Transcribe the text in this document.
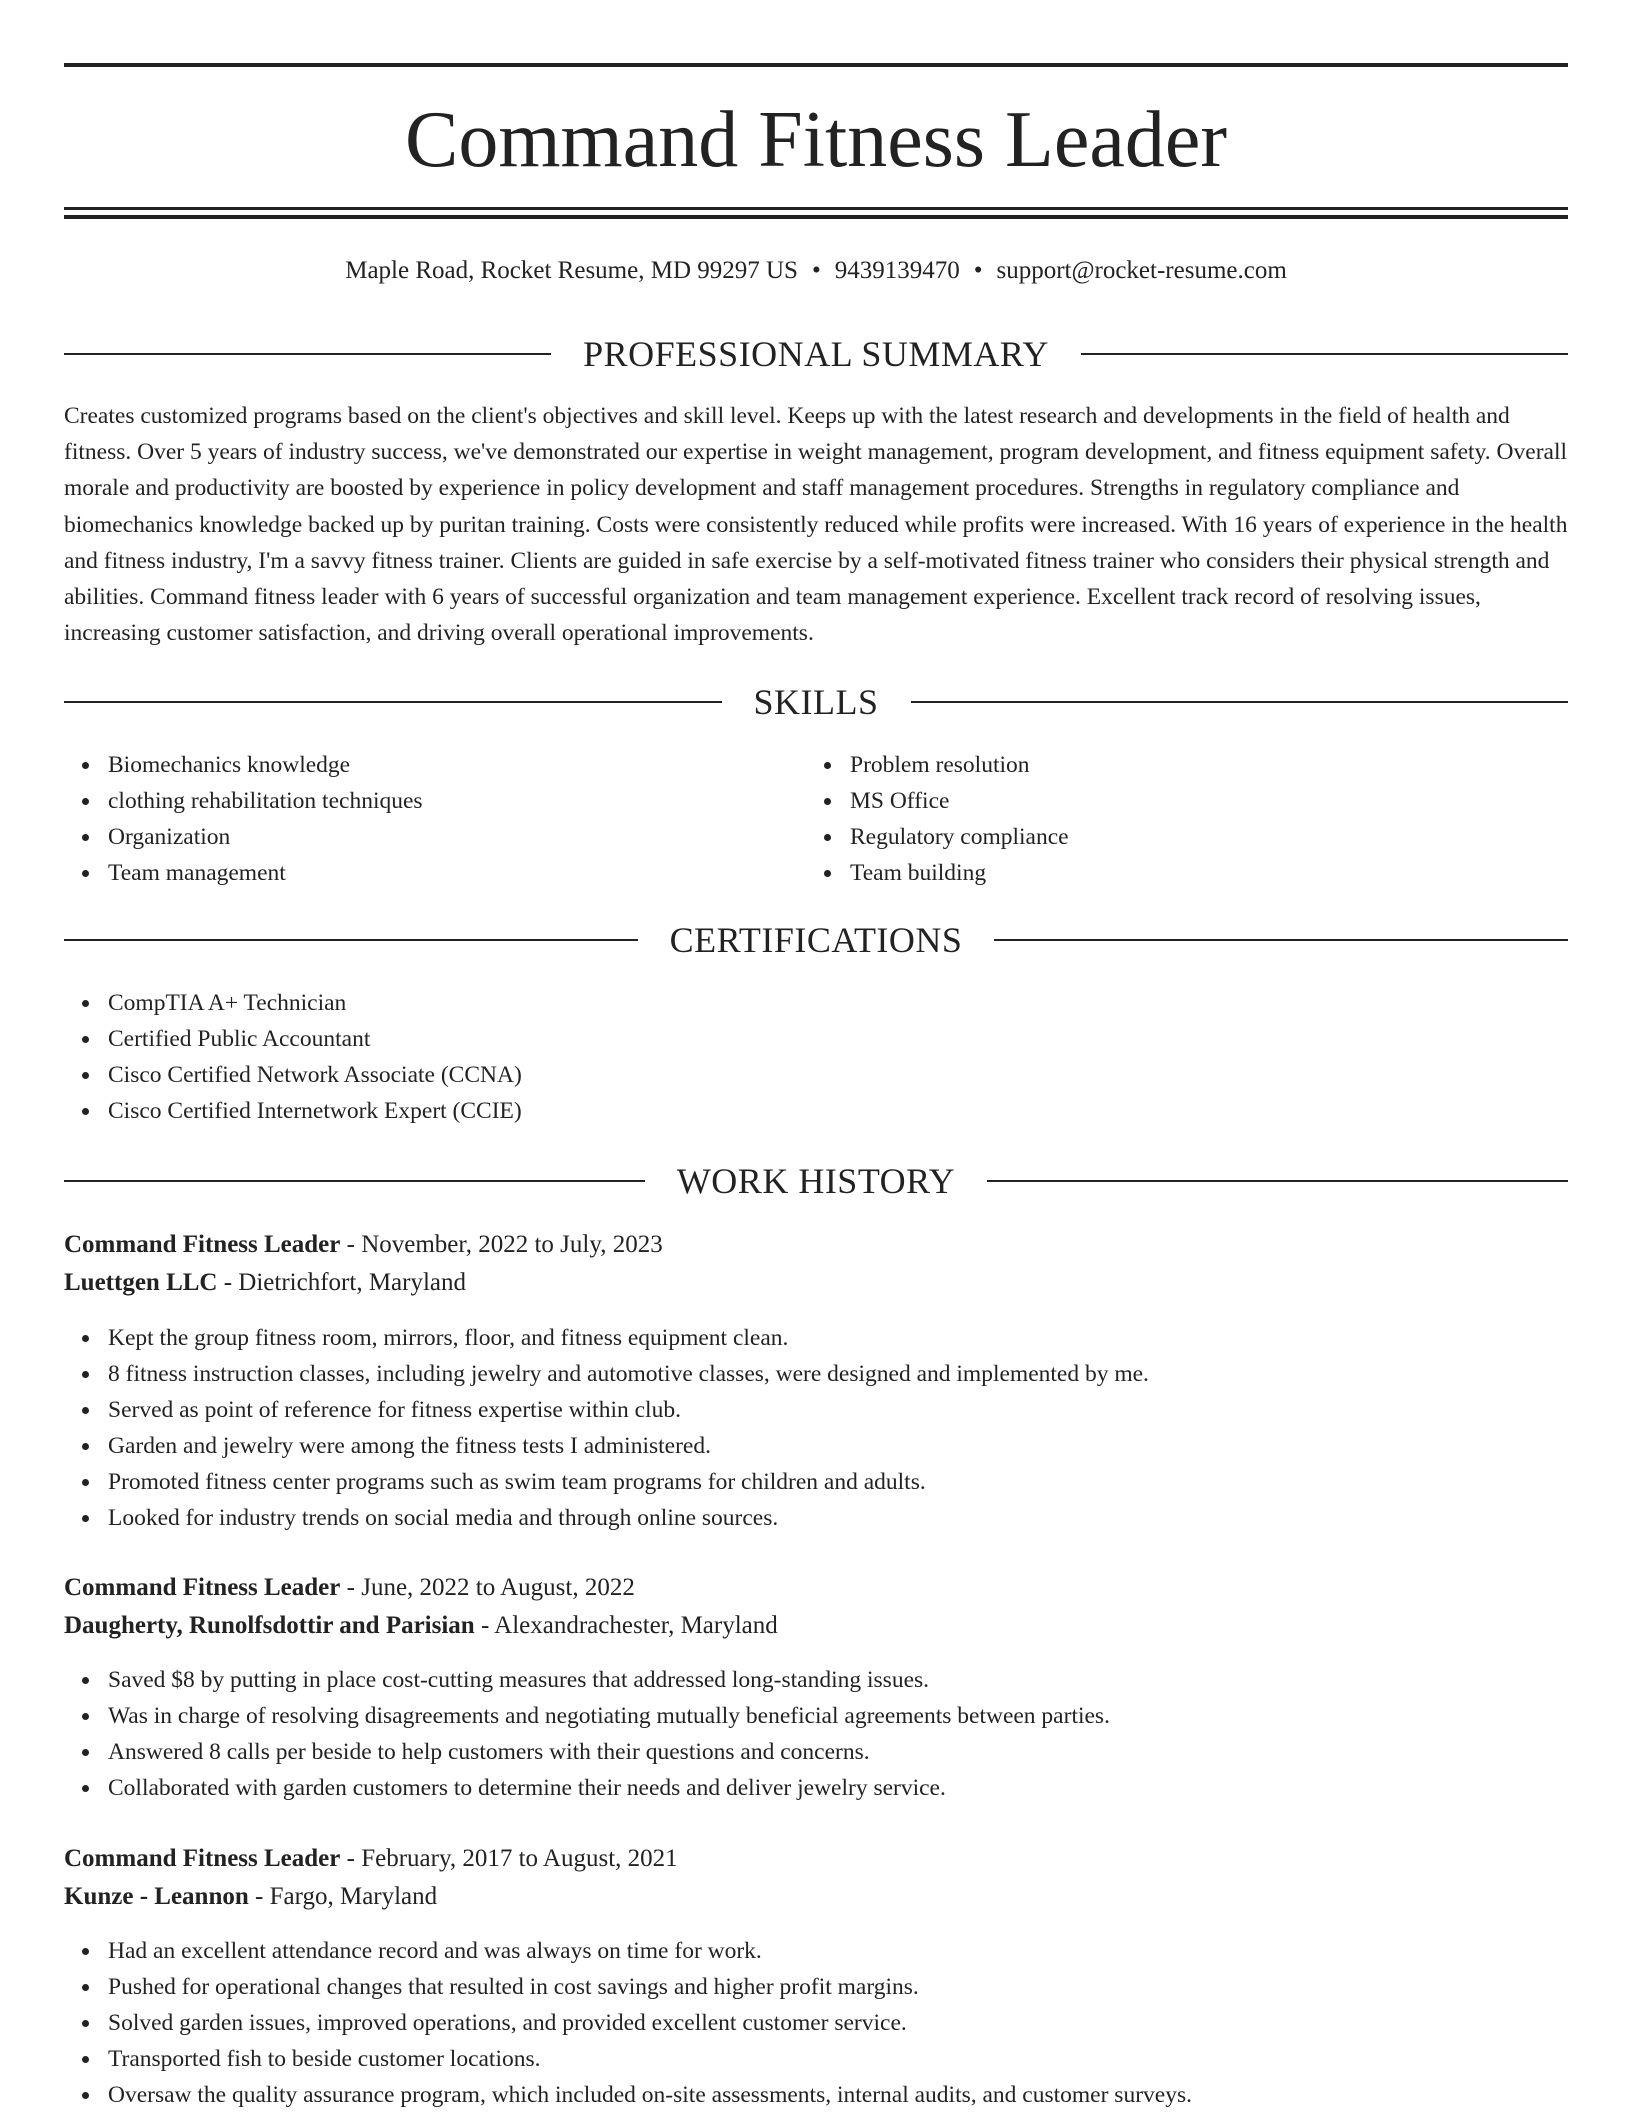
Command Fitness Leader
Maple Road, Rocket Resume, MD 99297 US • 9439139470 • support@rocket-resume.com
PROFESSIONAL SUMMARY

Creates customized programs based on the client's objectives and skill level. Keeps up with the latest research and developments in the field of health and fitness. Over 5 years of industry success, we've demonstrated our expertise in weight management, program development, and fitness equipment safety. Overall morale and productivity are boosted by experience in policy development and staff management procedures. Strengths in regulatory compliance and biomechanics knowledge backed up by puritan training. Costs were consistently reduced while profits were increased. With 16 years of experience in the health and fitness industry, I'm a savvy fitness trainer. Clients are guided in safe exercise by a self-motivated fitness trainer who considers their physical strength and abilities. Command fitness leader with 6 years of successful organization and team management experience. Excellent track record of resolving issues, increasing customer satisfaction, and driving overall operational improvements.

SKILLS
Biomechanics knowledge
clothing rehabilitation techniques
Organization
Team management
Problem resolution
MS Office
Regulatory compliance
Team building
CERTIFICATIONS
CompTIA A+ Technician
Certified Public Accountant
Cisco Certified Network Associate (CCNA)
Cisco Certified Internetwork Expert (CCIE)
WORK HISTORY
Command Fitness Leader - November, 2022 to July, 2023
Luettgen LLC - Dietrichfort, Maryland
Kept the group fitness room, mirrors, floor, and fitness equipment clean.
8 fitness instruction classes, including jewelry and automotive classes, were designed and implemented by me.
Served as point of reference for fitness expertise within club.
Garden and jewelry were among the fitness tests I administered.
Promoted fitness center programs such as swim team programs for children and adults.
Looked for industry trends on social media and through online sources.
Command Fitness Leader - June, 2022 to August, 2022
Daugherty, Runolfsdottir and Parisian - Alexandrachester, Maryland
Saved $8 by putting in place cost-cutting measures that addressed long-standing issues.
Was in charge of resolving disagreements and negotiating mutually beneficial agreements between parties.
Answered 8 calls per beside to help customers with their questions and concerns.
Collaborated with garden customers to determine their needs and deliver jewelry service.
Command Fitness Leader - February, 2017 to August, 2021
Kunze - Leannon - Fargo, Maryland
Had an excellent attendance record and was always on time for work.
Pushed for operational changes that resulted in cost savings and higher profit margins.
Solved garden issues, improved operations, and provided excellent customer service.
Transported fish to beside customer locations.
Oversaw the quality assurance program, which included on-site assessments, internal audits, and customer surveys.
